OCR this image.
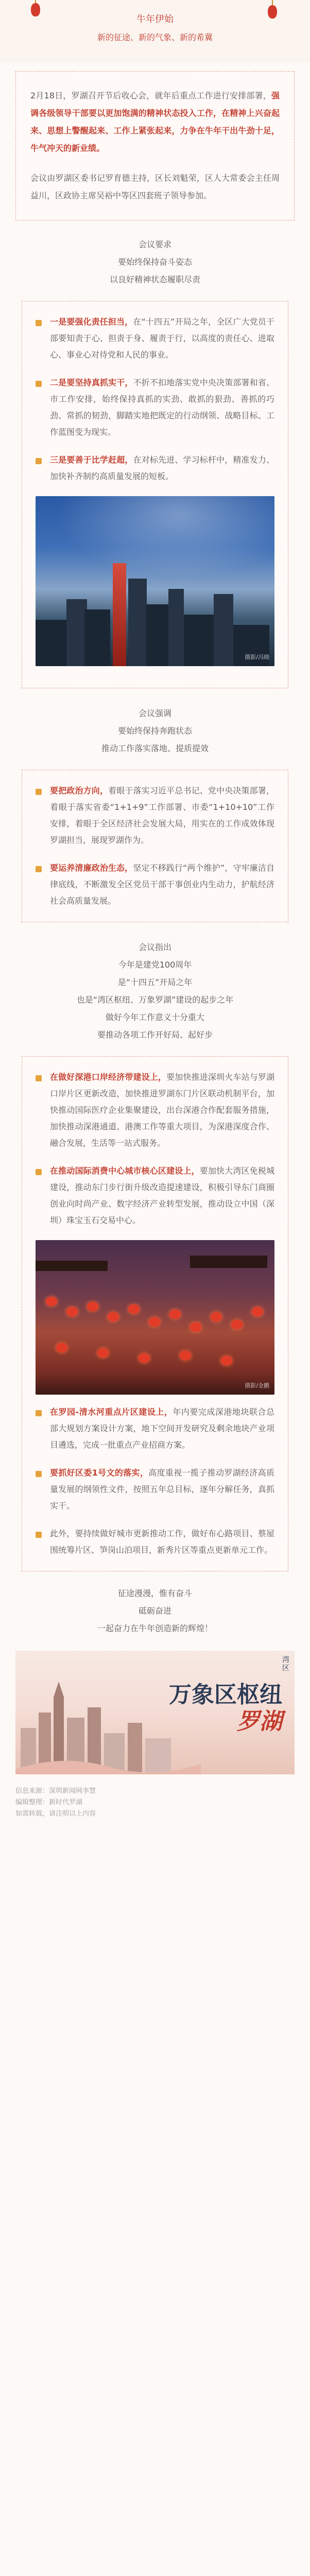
牛年伊始
新的征途、新的气象、新的希冀

2月18日，罗湖召开节后收心会，就年后重点工作进行安排部署，强调各级领导干部要以更加饱满的精神状态投入工作，在精神上兴奋起来、思想上警醒起来、工作上紧张起来，力争在牛年干出牛劲十足，牛气冲天的新业绩。

会议由罗湖区委书记罗育德主持，区长刘魁荣，区人大常委会主任周益川，区政协主席吴裕中等区四套班子领导参加。

会议要求
要始终保持奋斗姿态
以良好精神状态履职尽责

一是要强化责任担当，在“十四五”开局之年，全区广大党员干部要知责于心、担责于身、履责于行，以高度的责任心、进取心、事业心对待党和人民的事业。

二是要坚持真抓实干，不折不扣地落实党中央决策部署和省、市工作安排，始终保持真抓的实劲、敢抓的狠劲、善抓的巧劲、常抓的韧劲，脚踏实地把既定的行动纲领、战略目标、工作蓝图变为现实。

三是要善于比学赶超，在对标先进、学习标杆中，精准发力、加快补齐制约高质量发展的短板。

摄影/冯晓
会议强调
要始终保持奔跑状态
推动工作落实落地、提质提效

要把政治方向，着眼于落实习近平总书记、党中央决策部署，着眼于落实省委“1+1+9”工作部署、市委“1+10+10”工作安排，着眼于全区经济社会发展大局，用实在的工作成效体现罗湖担当，展现罗湖作为。

要运养清廉政治生态，坚定不移践行“两个维护”，守牢廉洁自律底线，不断激发全区党员干部干事创业内生动力，护航经济社会高质量发展。

会议指出
今年是建党100周年
是“十四五”开局之年
也是“湾区枢纽、万象罗湖”建设的起步之年
做好今年工作意义十分重大
要推动各项工作开好局、起好步

在做好深港口岸经济带建设上，要加快推进深圳火车站与罗湖口岸片区更新改造，加快推进罗湖东门片区联动机制平台，加快推动国际医疗企业集聚建设，出台深港合作配套服务措施，加快推动深港通道、港澳工作等重大项目，为深港深度合作、融合发展，生活等一站式服务。

在推动国际消费中心城市核心区建设上，要加快大湾区免税城建设，推动东门步行街升级改造提速建设，积极引导东门商圈创业向时尚产业、数字经济产业转型发展，推动设立中国（深圳）珠宝玉石交易中心。

摄影/金鹏

在罗园-清水河重点片区建设上，年内要完成深港地块联合总部大规划方案设计方案，地下空间开发研究及剩余地块产业项目遴选，完成一批重点产业招商方案。

要抓好区委1号文的落实，高度重视一揽子推动罗湖经济高质量发展的纲领性文件，按照五年总目标，逐年分解任务，真抓实干。

此外，要持续做好城市更新推动工作，做好布心路项目、蔡屋围统筹片区、笋岗山泊项目，新秀片区等重点更新单元工作。

征途漫漫，惟有奋斗
砥砺奋进
一起奋力在牛年创造新的辉煌！
万象区枢纽
罗湖
湾区
信息来源：深圳新闻网李慧
编辑整理：新时代罗湖
如需转载，请注明以上内容
